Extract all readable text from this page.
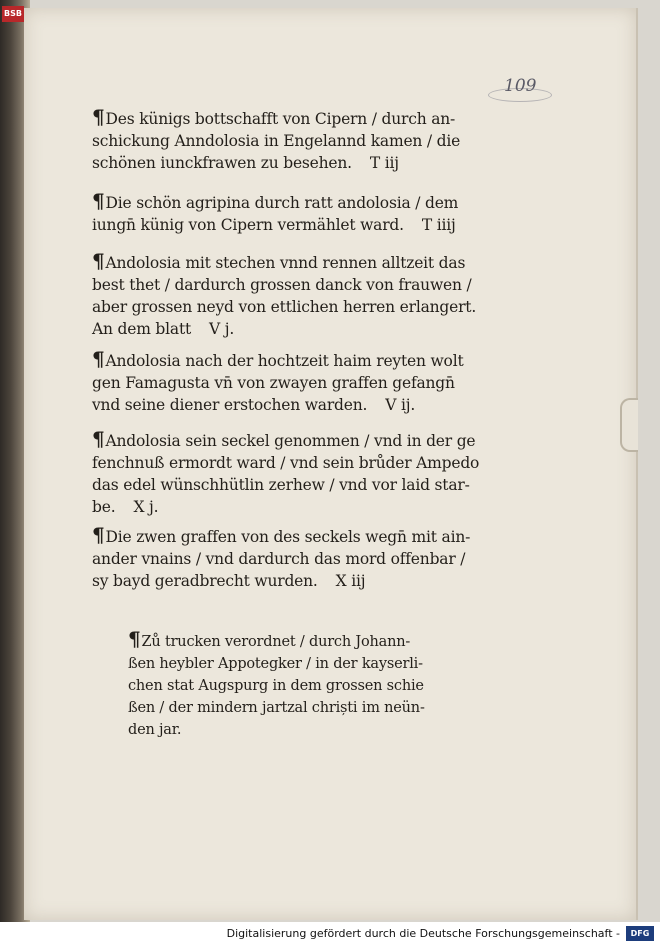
BSB
109
¶Des künigs bottschafft von Cipern / durch an-
schickung Anndolosia in Engelannd kamen / die
schönen iunckfrawen zu besehen. T iij
¶Die schön agripina durch ratt andolosia / dem
iungn̄ künig von Cipern vermählet ward. T iiij
¶Andolosia mit stechen vnnd rennen alltzeit das
best thet / dardurch grossen danck von frauwen /
aber grossen neyd von ettlichen herren erlangert.
An dem blatt V j.
¶Andolosia nach der hochtzeit haim reyten wolt
gen Famagusta vn̄ von zwayen graffen gefangn̄
vnd seine diener erstochen warden. V ij.
¶Andolosia sein seckel genommen / vnd in der ge
fenchnuß ermordt ward / vnd sein brůder Ampedo
das edel wünschhütlin zerhew / vnd vor laid star-
be. X j.
¶Die zwen graffen von des seckels wegn̄ mit ain-
ander vnains / vnd dardurch das mord offenbar /
sy bayd geradbrecht wurden. X iij
¶Zů trucken verordnet / durch Johann-
ßen heybler Appotegker / in der kayserli-
chen stat Augspurg in dem grossen schie
ßen / der mindern jartzal chriști im neün-
den jar.
Digitalisierung gefördert durch die Deutsche Forschungsgemeinschaft -	DFG
